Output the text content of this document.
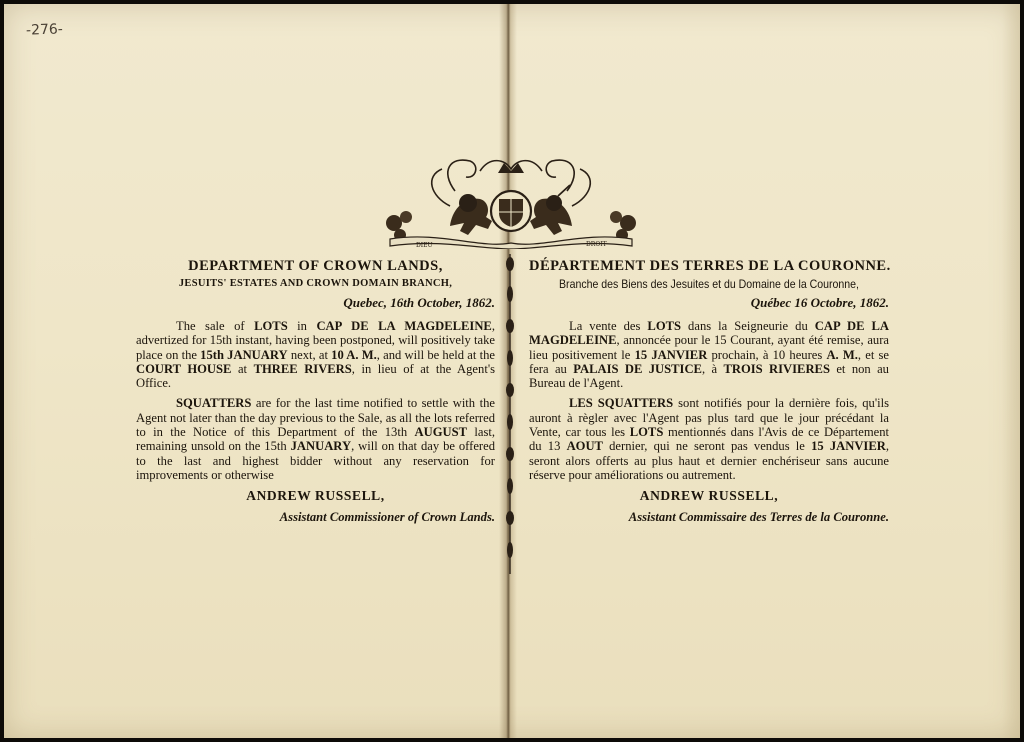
-276-
DIEU	DROIT
DEPARTMENT OF CROWN LANDS,
JESUITS' ESTATES AND CROWN DOMAIN BRANCH,
Quebec, 16th October, 1862.

The sale of LOTS in CAP DE LA MAGDELEINE, advertized for 15th instant, having been postponed, will positively take place on the 15th JANUARY next, at 10 A. M., and will be held at the COURT HOUSE at THREE RIVERS, in lieu of at the Agent's Office.

SQUATTERS are for the last time notified to settle with the Agent not later than the day previous to the Sale, as all the lots referred to in the Notice of this Department of the 13th AUGUST last, remaining unsold on the 15th JANUARY, will on that day be offered to the last and highest bidder without any reservation for improvements or otherwise

ANDREW RUSSELL,
Assistant Commissioner of Crown Lands.
DÉPARTEMENT DES TERRES DE LA COURONNE.
Branche des Biens des Jesuites et du Domaine de la Couronne,
Québec 16 Octobre, 1862.

La vente des LOTS dans la Seigneurie du CAP DE LA MAGDELEINE, annoncée pour le 15 Courant, ayant été remise, aura lieu positivement le 15 JANVIER prochain, à 10 heures A. M., et se fera au PALAIS DE JUSTICE, à TROIS RIVIERES et non au Bureau de l'Agent.

LES SQUATTERS sont notifiés pour la dernière fois, qu'ils auront à règler avec l'Agent pas plus tard que le jour précédant la Vente, car tous les LOTS mentionnés dans l'Avis de ce Département du 13 AOUT dernier, qui ne seront pas vendus le 15 JANVIER, seront alors offerts au plus haut et dernier enchériseur sans aucune réserve pour améliorations ou autrement.

ANDREW RUSSELL,
Assistant Commissaire des Terres de la Couronne.
